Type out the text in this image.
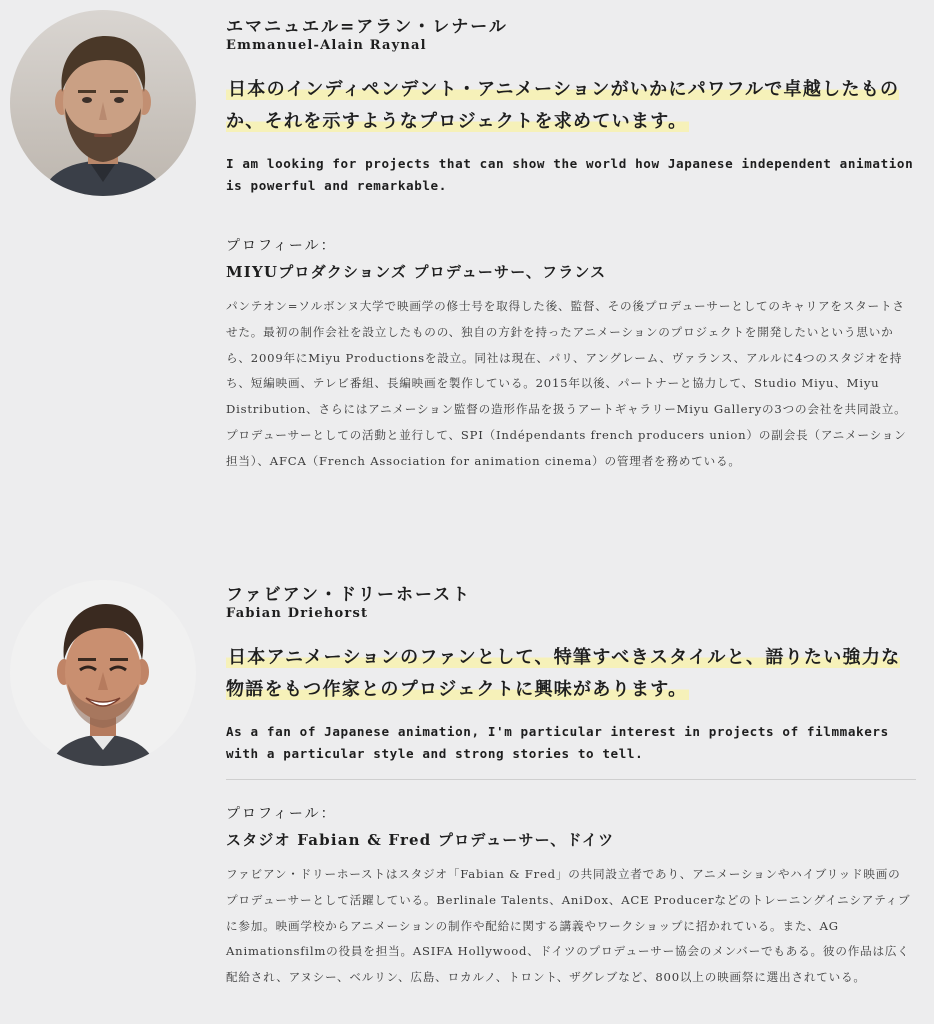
エマニュエル=アラン・レナール
Emmanuel-Alain Raynal
日本のインディペンデント・アニメーションがいかにパワフルで卓越したものか、それを示すようなプロジェクトを求めています。
I am looking for projects that can show the world how Japanese independent animation is powerful and remarkable.
プロフィール：
MIYUプロダクションズ プロデューサー、フランス
パンテオン=ソルボンヌ大学で映画学の修士号を取得した後、監督、その後プロデューサーとしてのキャリアをスタートさせた。最初の制作会社を設立したものの、独自の方針を持ったアニメーションのプロジェクトを開発したいという思いから、2009年にMiyu Productionsを設立。同社は現在、パリ、アングレーム、ヴァランス、アルルに4つのスタジオを持ち、短編映画、テレビ番組、長編映画を製作している。2015年以後、パートナーと協力して、Studio Miyu、Miyu Distribution、さらにはアニメーション監督の造形作品を扱うアートギャラリーMiyu Galleryの3つの会社を共同設立。プロデューサーとしての活動と並行して、SPI（Indépendants french producers union）の副会長（アニメーション担当）、AFCA（French Association for animation cinema）の管理者を務めている。
ファビアン・ドリーホースト
Fabian Driehorst
日本アニメーションのファンとして、特筆すべきスタイルと、語りたい強力な物語をもつ作家とのプロジェクトに興味があります。
As a fan of Japanese animation, I'm particular interest in projects of filmmakers with a particular style and strong stories to tell.
プロフィール：
スタジオ Fabian & Fred プロデューサー、ドイツ
ファビアン・ドリーホーストはスタジオ「Fabian & Fred」の共同設立者であり、アニメーションやハイブリッド映画のプロデューサーとして活躍している。Berlinale Talents、AniDox、ACE Producerなどのトレーニングイニシアティブに参加。映画学校からアニメーションの制作や配給に関する講義やワークショップに招かれている。また、AG Animationsfilmの役員を担当。ASIFA Hollywood、ドイツのプロデューサー協会のメンバーでもある。彼の作品は広く配給され、アヌシー、ベルリン、広島、ロカルノ、トロント、ザグレブなど、800以上の映画祭に選出されている。
